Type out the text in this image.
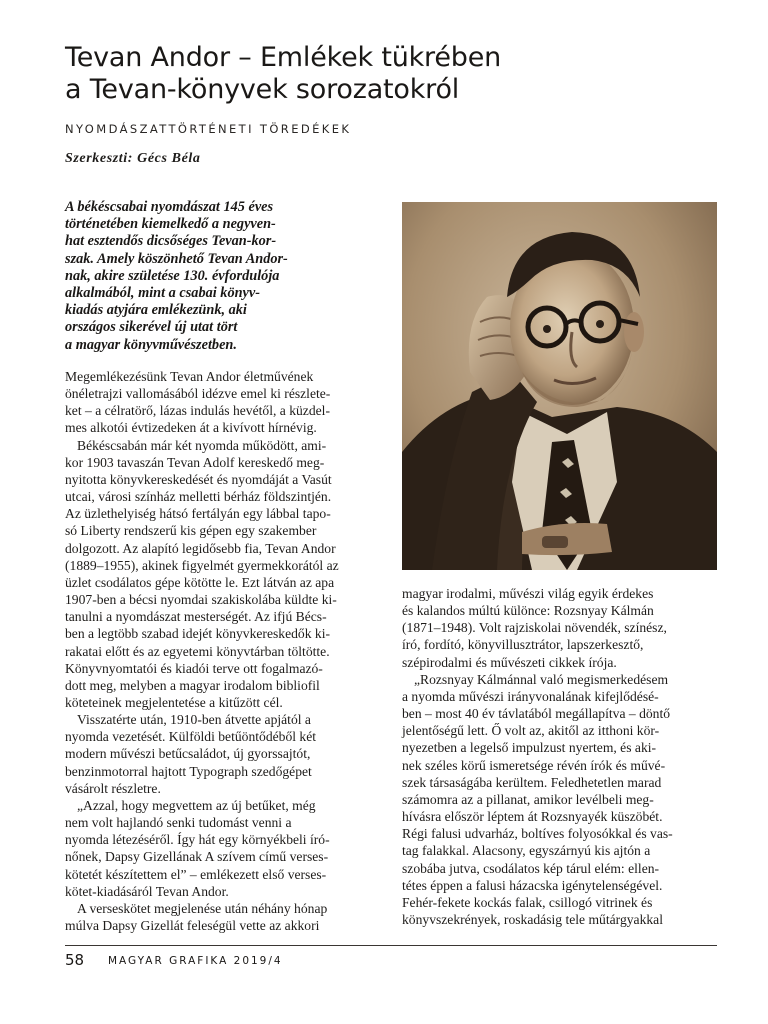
Tevan Andor – Emlékek tükrében
a Tevan-könyvek sorozatokról
NYOMDÁSZATTÖRTÉNETI TÖREDÉKEK
Szerkeszti: Gécs Béla
A békéscsabai nyomdászat 145 éves
történetében kiemelkedő a negyven-
hat esztendős dicsőséges Tevan-kor-
szak. Amely köszönhető Tevan Andor-
nak, akire születése 130. évfordulója
alkalmából, mint a csabai könyv-
kiadás atyjára emlékezünk, aki
országos sikerével új utat tört
a magyar könyvművészetben.
Megemlékezésünk Tevan Andor életművének
önéletrajzi vallomásából idézve emel ki részlete-
ket – a célratörő, lázas indulás hevétől, a küzdel-
mes alkotói évtizedeken át a kivívott hírnévig.
Békéscsabán már két nyomda működött, ami-
kor 1903 tavaszán Tevan Adolf kereskedő meg-
nyitotta könyvkereskedését és nyomdáját a Vasút
utcai, városi színház melletti bérház földszintjén.
Az üzlethelyiség hátsó fertályán egy lábbal tapo-
só Liberty rendszerű kis gépen egy szakember
dolgozott. Az alapító legidősebb fia, Tevan Andor
(1889–1955), akinek figyelmét gyermekkorától az
üzlet csodálatos gépe kötötte le. Ezt látván az apa
1907-ben a bécsi nyomdai szakiskolába küldte ki-
tanulni a nyomdászat mesterségét. Az ifjú Bécs-
ben a legtöbb szabad idejét könyvkereskedők ki-
rakatai előtt és az egyetemi könyvtárban töltötte.
Könyvnyomtatói és kiadói terve ott fogalmazó-
dott meg, melyben a magyar irodalom bibliofil
köteteinek megjelentetése a kitűzött cél.
Visszatérte után, 1910-ben átvette apjától a
nyomda vezetését. Külföldi betűöntődéből két
modern művészi betűcsaládot, új gyorssajtót,
benzinmotorral hajtott Typograph szedőgépet
vásárolt részletre.
„Azzal, hogy megvettem az új betűket, még
nem volt hajlandó senki tudomást venni a
nyomda létezéséről. Így hát egy környékbeli író-
nőnek, Dapsy Gizellának A szívem című verses-
kötetét készítettem el” – emlékezett első verses-
kötet-kiadásáról Tevan Andor.
A verseskötet megjelenése után néhány hónap
múlva Dapsy Gizellát feleségül vette az akkori
magyar irodalmi, művészi világ egyik érdekes
és kalandos múltú különce: Rozsnyay Kálmán
(1871–1948). Volt rajziskolai növendék, színész,
író, fordító, könyvillusztrátor, lapszerkesztő,
szépirodalmi és művészeti cikkek írója.
„Rozsnyay Kálmánnal való megismerkedésem
a nyomda művészi irányvonalának kifejlődésé-
ben – most 40 év távlatából megállapítva – döntő
jelentőségű lett. Ő volt az, akitől az itthoni kör-
nyezetben a legelső impulzust nyertem, és aki-
nek széles körű ismeretsége révén írók és művé-
szek társaságába kerültem. Feledhetetlen marad
számomra az a pillanat, amikor levélbeli meg-
hívásra először léptem át Rozsnyayék küszöbét.
Régi falusi udvarház, boltíves folyosókkal és vas-
tag falakkal. Alacsony, egyszárnyú kis ajtón a
szobába jutva, csodálatos kép tárul elém: ellen-
tétes éppen a falusi házacska igénytelenségével.
Fehér-fekete kockás falak, csillogó vitrinek és
könyvszekrények, roskadásig tele műtárgyakkal
58 MAGYAR GRAFIKA 2019/4
